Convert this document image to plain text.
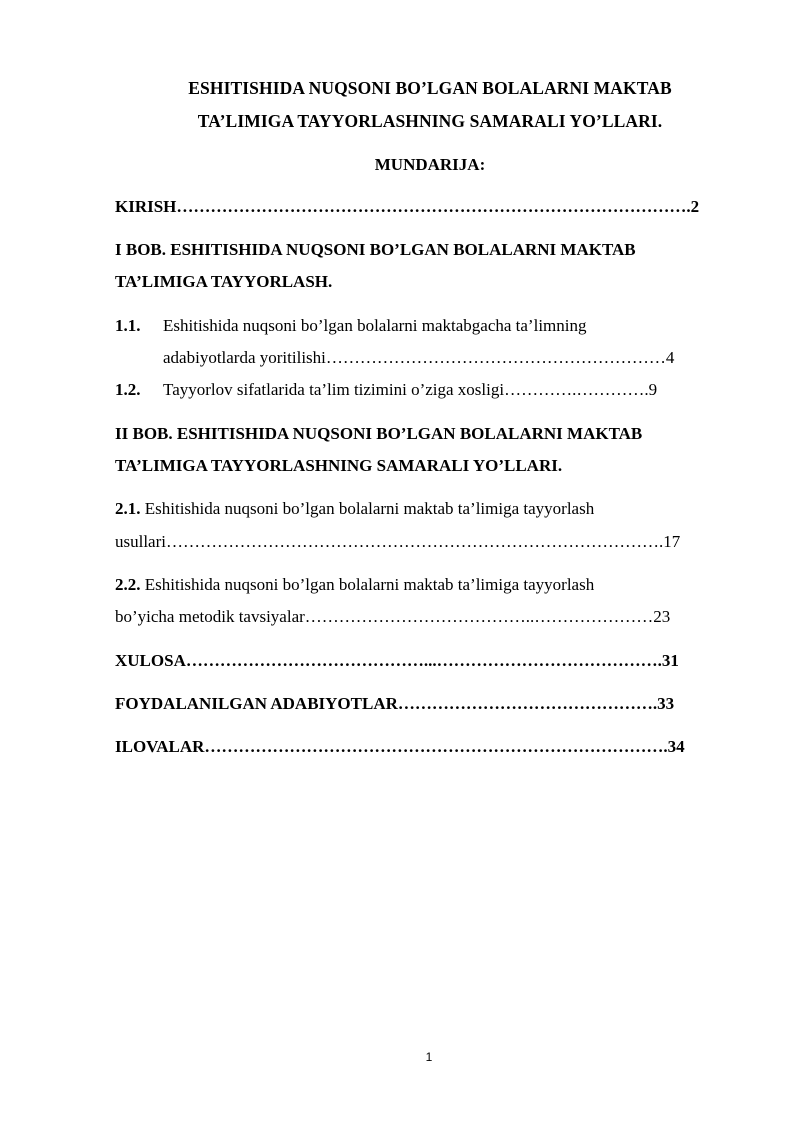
ESHITISHIDA NUQSONI BO’LGAN BOLALARNI MAKTAB
TA’LIMIGA TAYYORLASHNING SAMARALI YO’LLARI.
MUNDARIJA:
KIRISH……………………………………………………………………………….2
I BOB. ESHITISHIDA NUQSONI BO’LGAN BOLALARNI MAKTAB
TA’LIMIGA TAYYORLASH.
1.1. Eshitishida nuqsoni bo’lgan bolalarni maktabgacha ta’limning
adabiyotlarda yoritilishi……………………………………………………4
1.2. Tayyorlov sifatlarida ta’lim tizimini o’ziga xosligi………….………….9
II BOB. ESHITISHIDA NUQSONI BO’LGAN BOLALARNI MAKTAB
TA’LIMIGA TAYYORLASHNING SAMARALI YO’LLARI.
2.1. Eshitishida nuqsoni bo’lgan bolalarni maktab ta’limiga tayyorlash
usullari…………………………………………………………………………….17
2.2. Eshitishida nuqsoni bo’lgan bolalarni maktab ta’limiga tayyorlash
bo’yicha metodik tavsiyalar…………………………………..…………………23
XULOSA……………………………………...………………………………….31
FOYDALANILGAN ADABIYOTLAR……………………………………….33
ILOVALAR……………………………………………………………………….34
1
